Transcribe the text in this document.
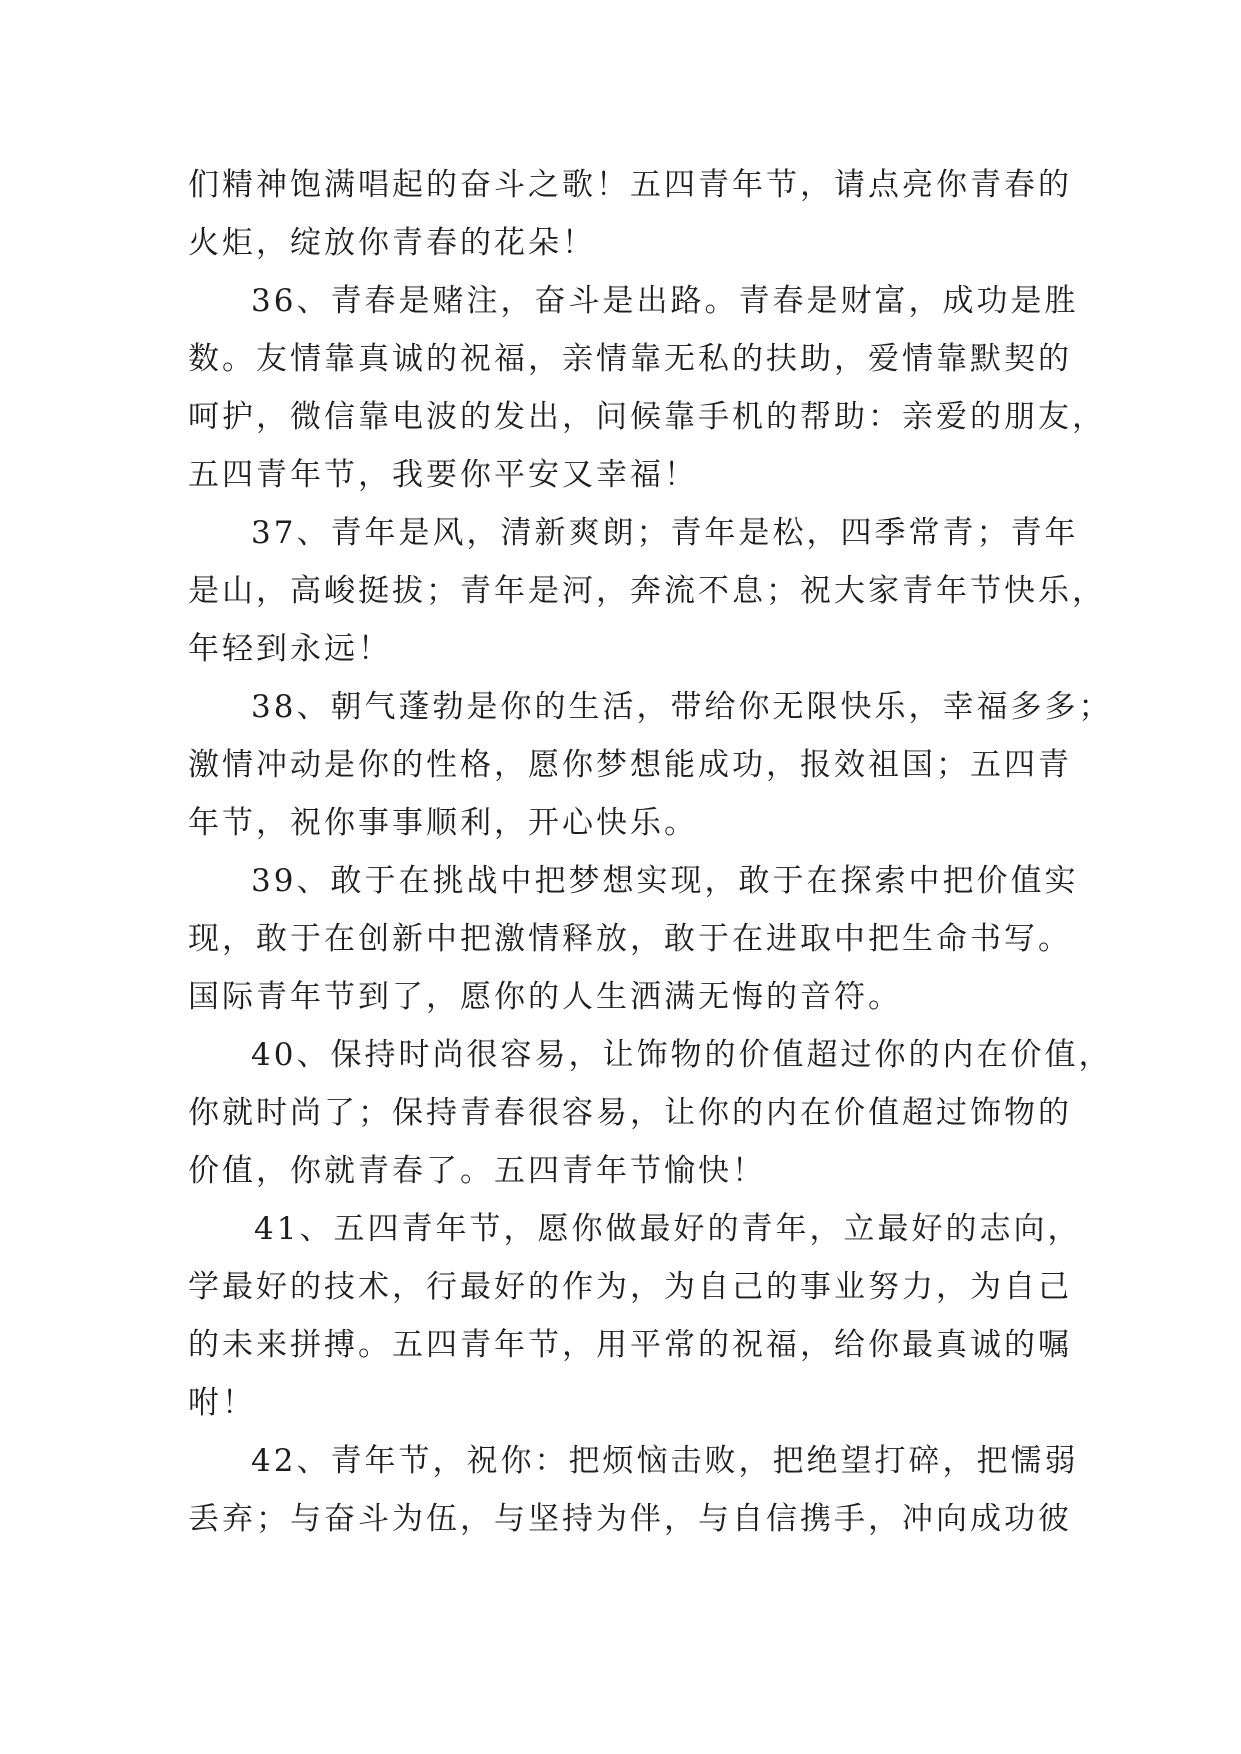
们精神饱满唱起的奋斗之歌！五四青年节，请点亮你青春的
火炬，绽放你青春的花朵！
36、青春是赌注，奋斗是出路。青春是财富，成功是胜
数。友情靠真诚的祝福，亲情靠无私的扶助，爱情靠默契的
呵护，微信靠电波的发出，问候靠手机的帮助：亲爱的朋友，
五四青年节，我要你平安又幸福！
37、青年是风，清新爽朗；青年是松，四季常青；青年
是山，高峻挺拔；青年是河，奔流不息；祝大家青年节快乐，
年轻到永远！
38、朝气蓬勃是你的生活，带给你无限快乐，幸福多多；
激情冲动是你的性格，愿你梦想能成功，报效祖国；五四青
年节，祝你事事顺利，开心快乐。
39、敢于在挑战中把梦想实现，敢于在探索中把价值实
现，敢于在创新中把激情释放，敢于在进取中把生命书写。
国际青年节到了，愿你的人生洒满无悔的音符。
40、保持时尚很容易，让饰物的价值超过你的内在价值，
你就时尚了；保持青春很容易，让你的内在价值超过饰物的
价值，你就青春了。五四青年节愉快！
41、五四青年节，愿你做最好的青年，立最好的志向，
学最好的技术，行最好的作为，为自己的事业努力，为自己
的未来拼搏。五四青年节，用平常的祝福，给你最真诚的嘱
咐！
42、青年节，祝你：把烦恼击败，把绝望打碎，把懦弱
丢弃；与奋斗为伍，与坚持为伴，与自信携手，冲向成功彼
